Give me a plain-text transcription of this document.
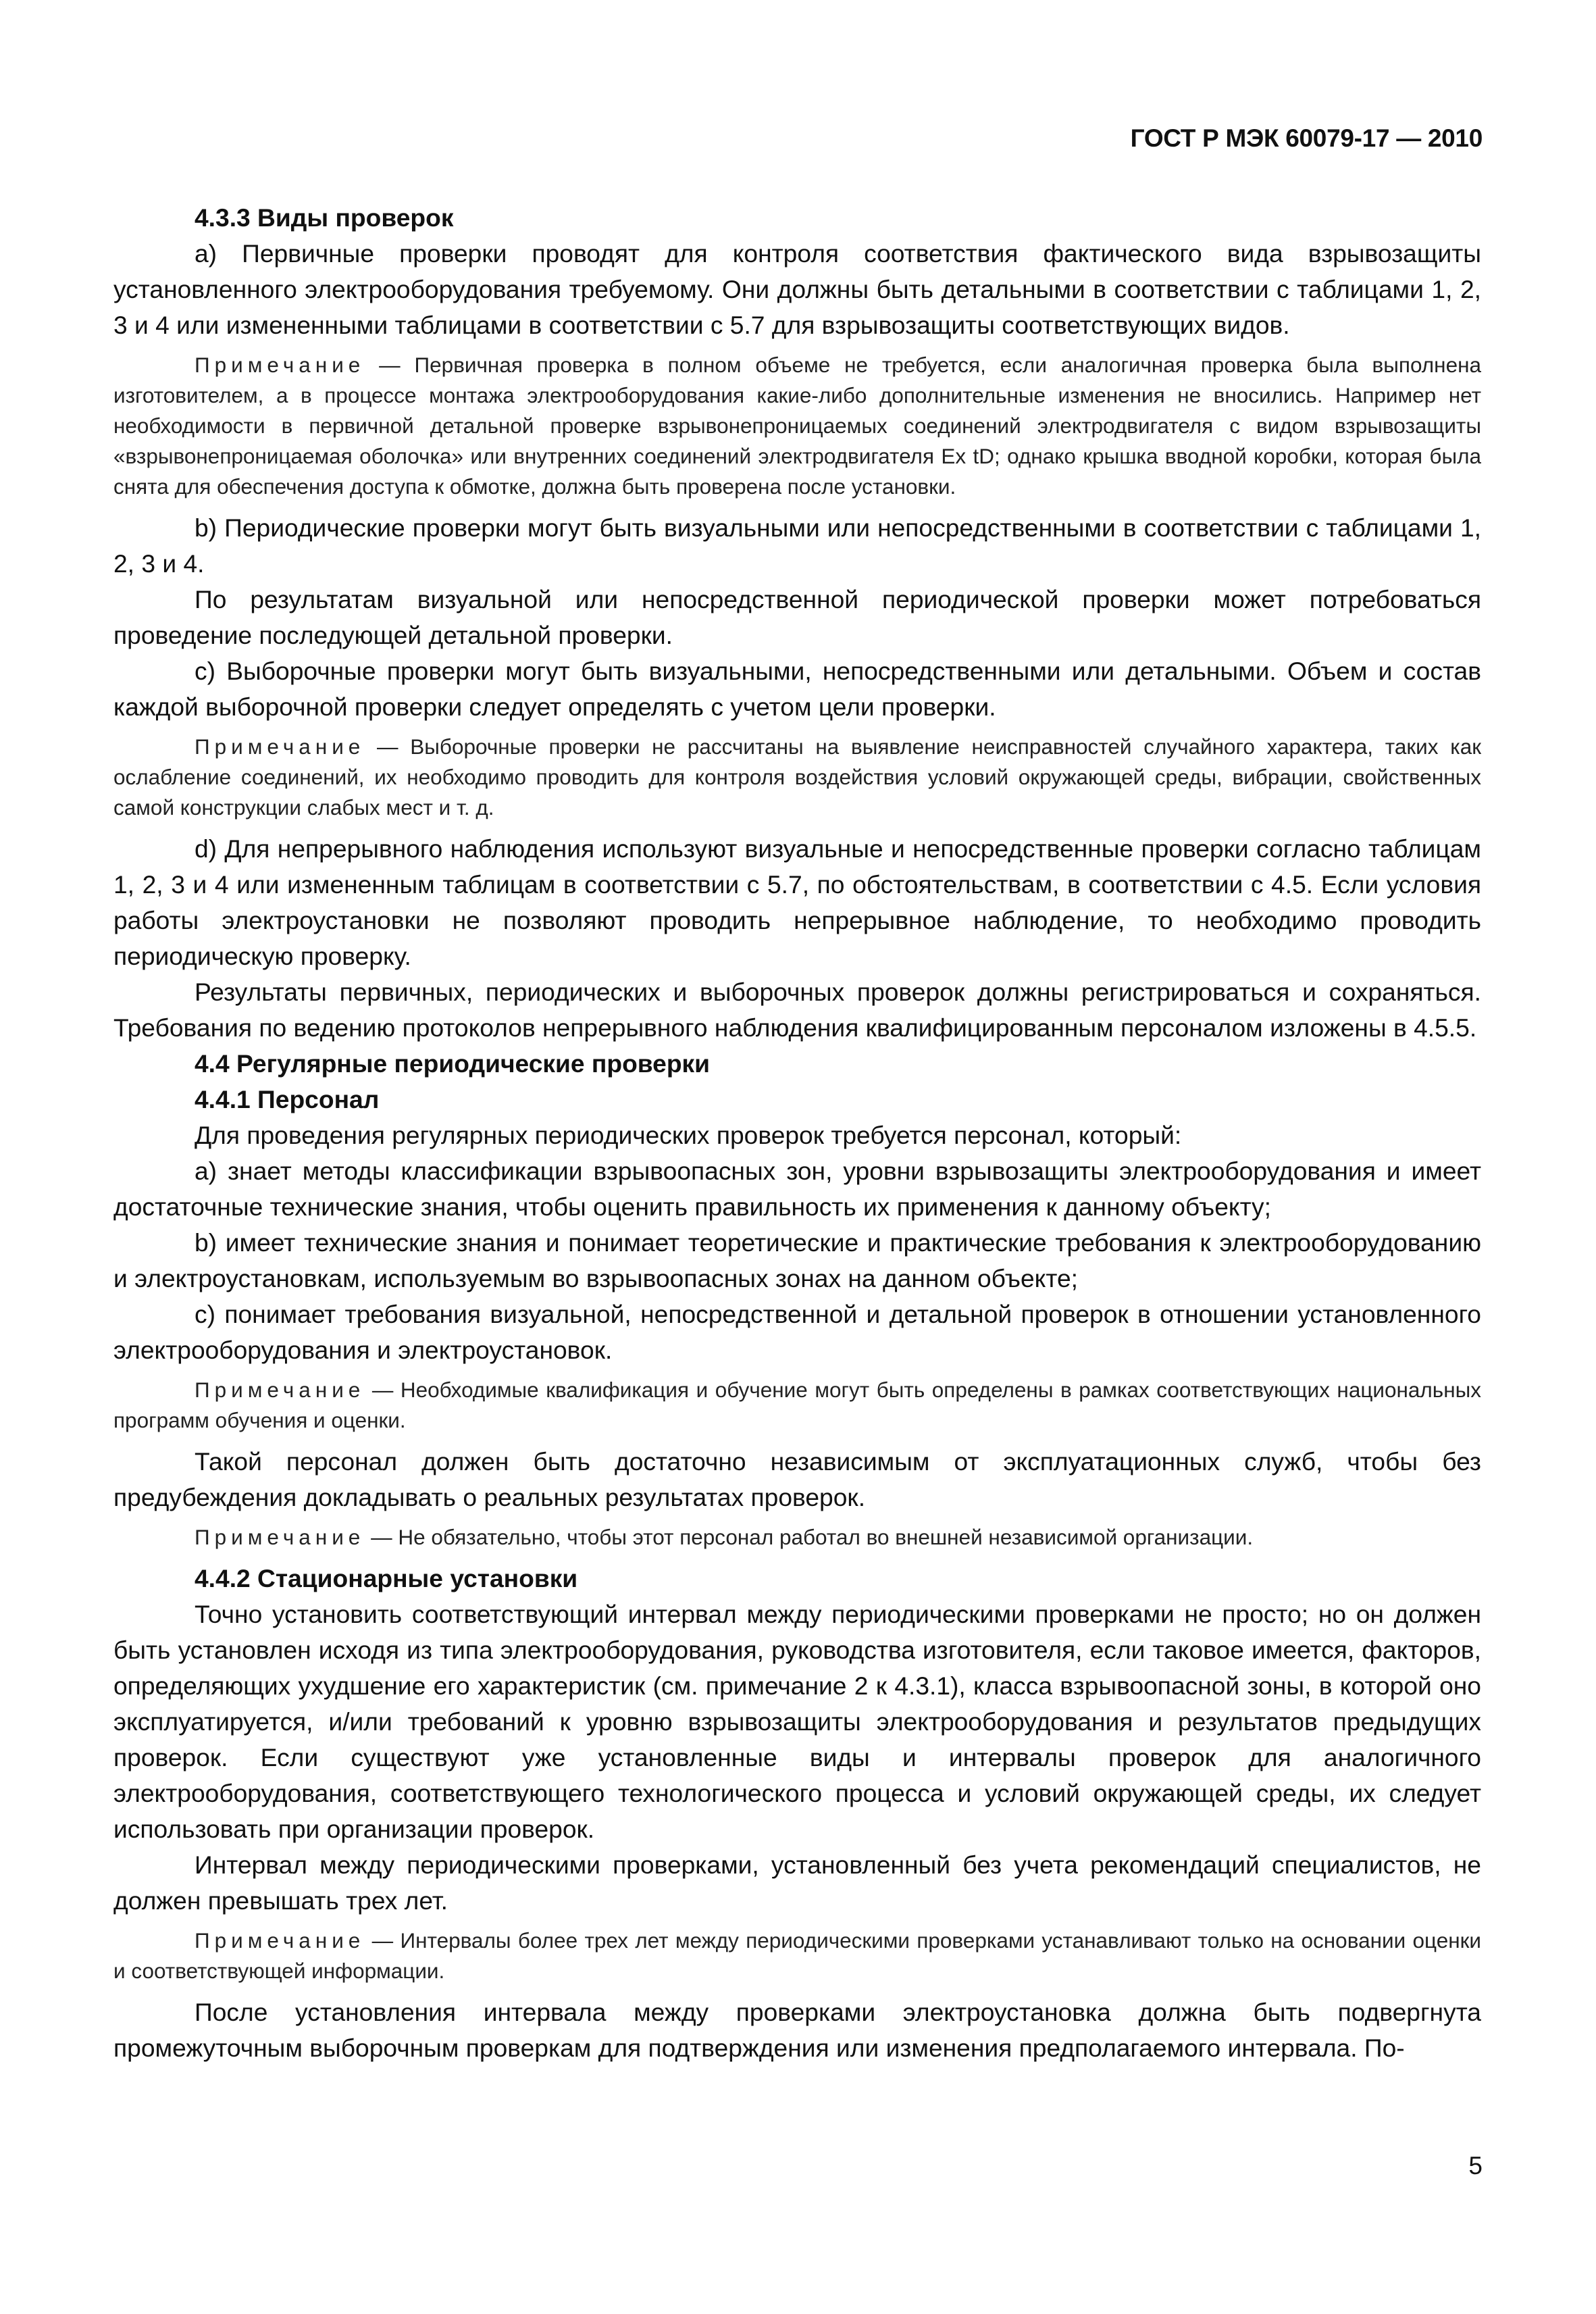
ГОСТ Р МЭК 60079-17 — 2010

4.3.3 Виды проверок

a) Первичные проверки проводят для контроля соответствия фактического вида взрывозащиты установленного электрооборудования требуемому. Они должны быть детальными в соответствии с таблицами 1, 2, 3 и 4 или измененными таблицами в соответствии с 5.7 для взрывозащиты соответствующих видов.

Примечание — Первичная проверка в полном объеме не требуется, если аналогичная проверка была выполнена изготовителем, а в процессе монтажа электрооборудования какие-либо дополнительные изменения не вносились. Например нет необходимости в первичной детальной проверке взрывонепроницаемых соединений электродвигателя с видом взрывозащиты «взрывонепроницаемая оболочка» или внутренних соединений электродвигателя Ex tD; однако крышка вводной коробки, которая была снята для обеспечения доступа к обмоткe, должна быть проверена после установки.

b) Периодические проверки могут быть визуальными или непосредственными в соответствии с таблицами 1, 2, 3 и 4.

По результатам визуальной или непосредственной периодической проверки может потребоваться проведение последующей детальной проверки.

c) Выборочные проверки могут быть визуальными, непосредственными или детальными. Объем и состав каждой выборочной проверки следует определять с учетом цели проверки.

Примечание — Выборочные проверки не рассчитаны на выявление неисправностей случайного характера, таких как ослабление соединений, их необходимо проводить для контроля воздействия условий окружающей среды, вибрации, свойственных самой конструкции слабых мест и т. д.

d) Для непрерывного наблюдения используют визуальные и непосредственные проверки согласно таблицам 1, 2, 3 и 4 или измененным таблицам в соответствии с 5.7, по обстоятельствам, в соответствии с 4.5. Если условия работы электроустановки не позволяют проводить непрерывное наблюдение, то необходимо проводить периодическую проверку.

Результаты первичных, периодических и выборочных проверок должны регистрироваться и сохраняться. Требования по ведению протоколов непрерывного наблюдения квалифицированным персоналом изложены в 4.5.5.

4.4 Регулярные периодические проверки

4.4.1 Персонал

Для проведения регулярных периодических проверок требуется персонал, который:

a) знает методы классификации взрывоопасных зон, уровни взрывозащиты электрооборудования и имеет достаточные технические знания, чтобы оценить правильность их применения к данному объекту;

b) имеет технические знания и понимает теоретические и практические требования к электрооборудованию и электроустановкам, используемым во взрывоопасных зонах на данном объекте;

c) понимает требования визуальной, непосредственной и детальной проверок в отношении установленного электрооборудования и электроустановок.

Примечание — Необходимые квалификация и обучение могут быть определены в рамках соответствующих национальных программ обучения и оценки.

Такой персонал должен быть достаточно независимым от эксплуатационных служб, чтобы без предубеждения докладывать о реальных результатах проверок.

Примечание — Не обязательно, чтобы этот персонал работал во внешней независимой организации.

4.4.2 Стационарные установки

Точно установить соответствующий интервал между периодическими проверками не просто; но он должен быть установлен исходя из типа электрооборудования, руководства изготовителя, если таковое имеется, факторов, определяющих ухудшение его характеристик (см. примечание 2 к 4.3.1), класса взрывоопасной зоны, в которой оно эксплуатируется, и/или требований к уровню взрывозащиты электрооборудования и результатов предыдущих проверок. Если существуют уже установленные виды и интервалы проверок для аналогичного электрооборудования, соответствующего технологического процесса и условий окружающей среды, их следует использовать при организации проверок.

Интервал между периодическими проверками, установленный без учета рекомендаций специалистов, не должен превышать трех лет.

Примечание — Интервалы более трех лет между периодическими проверками устанавливают только на основании оценки и соответствующей информации.

После установления интервала между проверками электроустановка должна быть подвергнута промежуточным выборочным проверкам для подтверждения или изменения предполагаемого интервала. По-

5
